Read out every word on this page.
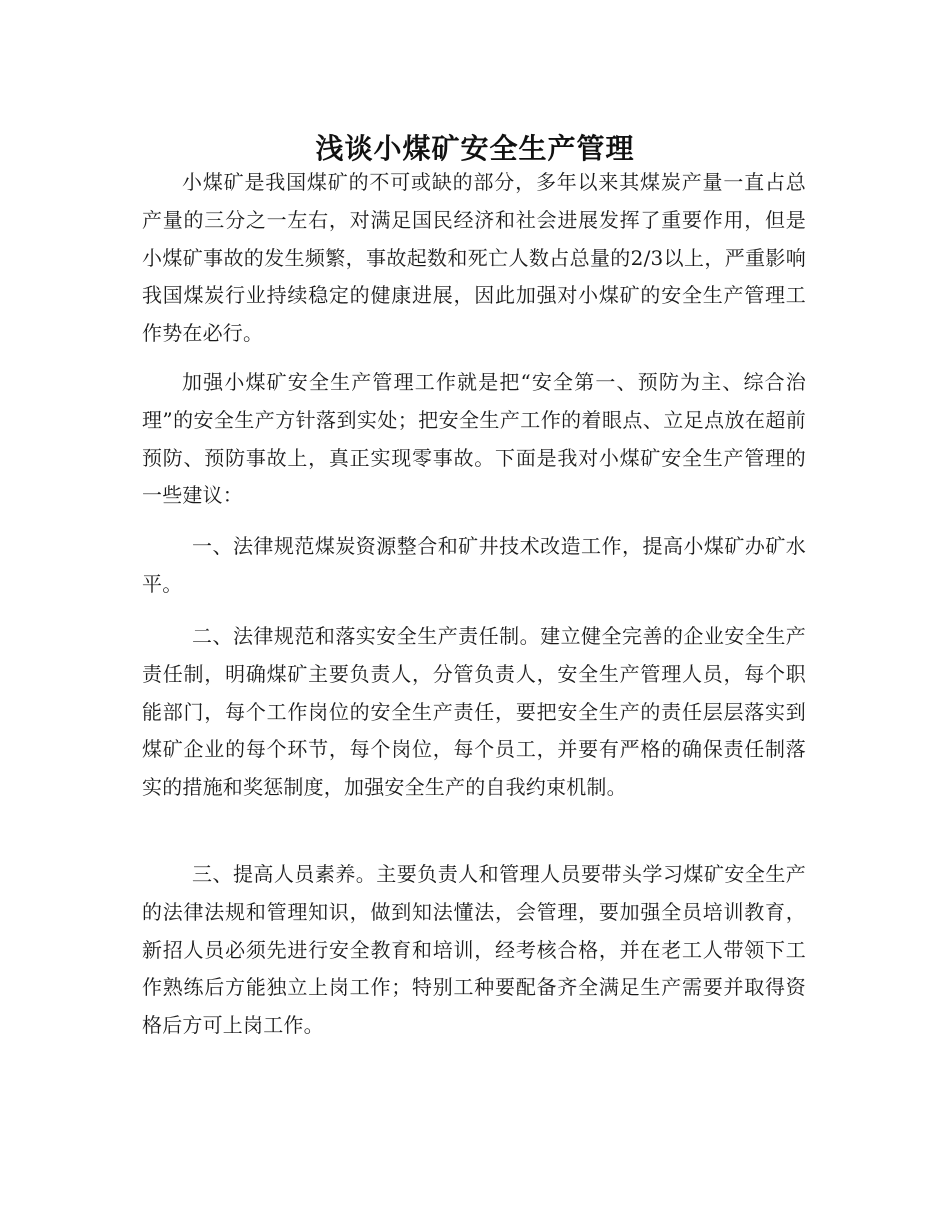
浅谈小煤矿安全生产管理

小煤矿是我国煤矿的不可或缺的部分，多年以来其煤炭产量一直占总产量的三分之一左右，对满足国民经济和社会进展发挥了重要作用，但是小煤矿事故的发生频繁，事故起数和死亡人数占总量的2/3以上，严重影响我国煤炭行业持续稳定的健康进展，因此加强对小煤矿的安全生产管理工作势在必行。

加强小煤矿安全生产管理工作就是把“安全第一、预防为主、综合治理”的安全生产方针落到实处；把安全生产工作的着眼点、立足点放在超前预防、预防事故上，真正实现零事故。下面是我对小煤矿安全生产管理的一些建议：

一、法律规范煤炭资源整合和矿井技术改造工作，提高小煤矿办矿水平。

二、法律规范和落实安全生产责任制。建立健全完善的企业安全生产责任制，明确煤矿主要负责人，分管负责人，安全生产管理人员，每个职能部门，每个工作岗位的安全生产责任，要把安全生产的责任层层落实到煤矿企业的每个环节，每个岗位，每个员工，并要有严格的确保责任制落实的措施和奖惩制度，加强安全生产的自我约束机制。

三、提高人员素养。主要负责人和管理人员要带头学习煤矿安全生产的法律法规和管理知识，做到知法懂法，会管理，要加强全员培训教育，新招人员必须先进行安全教育和培训，经考核合格，并在老工人带领下工作熟练后方能独立上岗工作；特别工种要配备齐全满足生产需要并取得资格后方可上岗工作。
